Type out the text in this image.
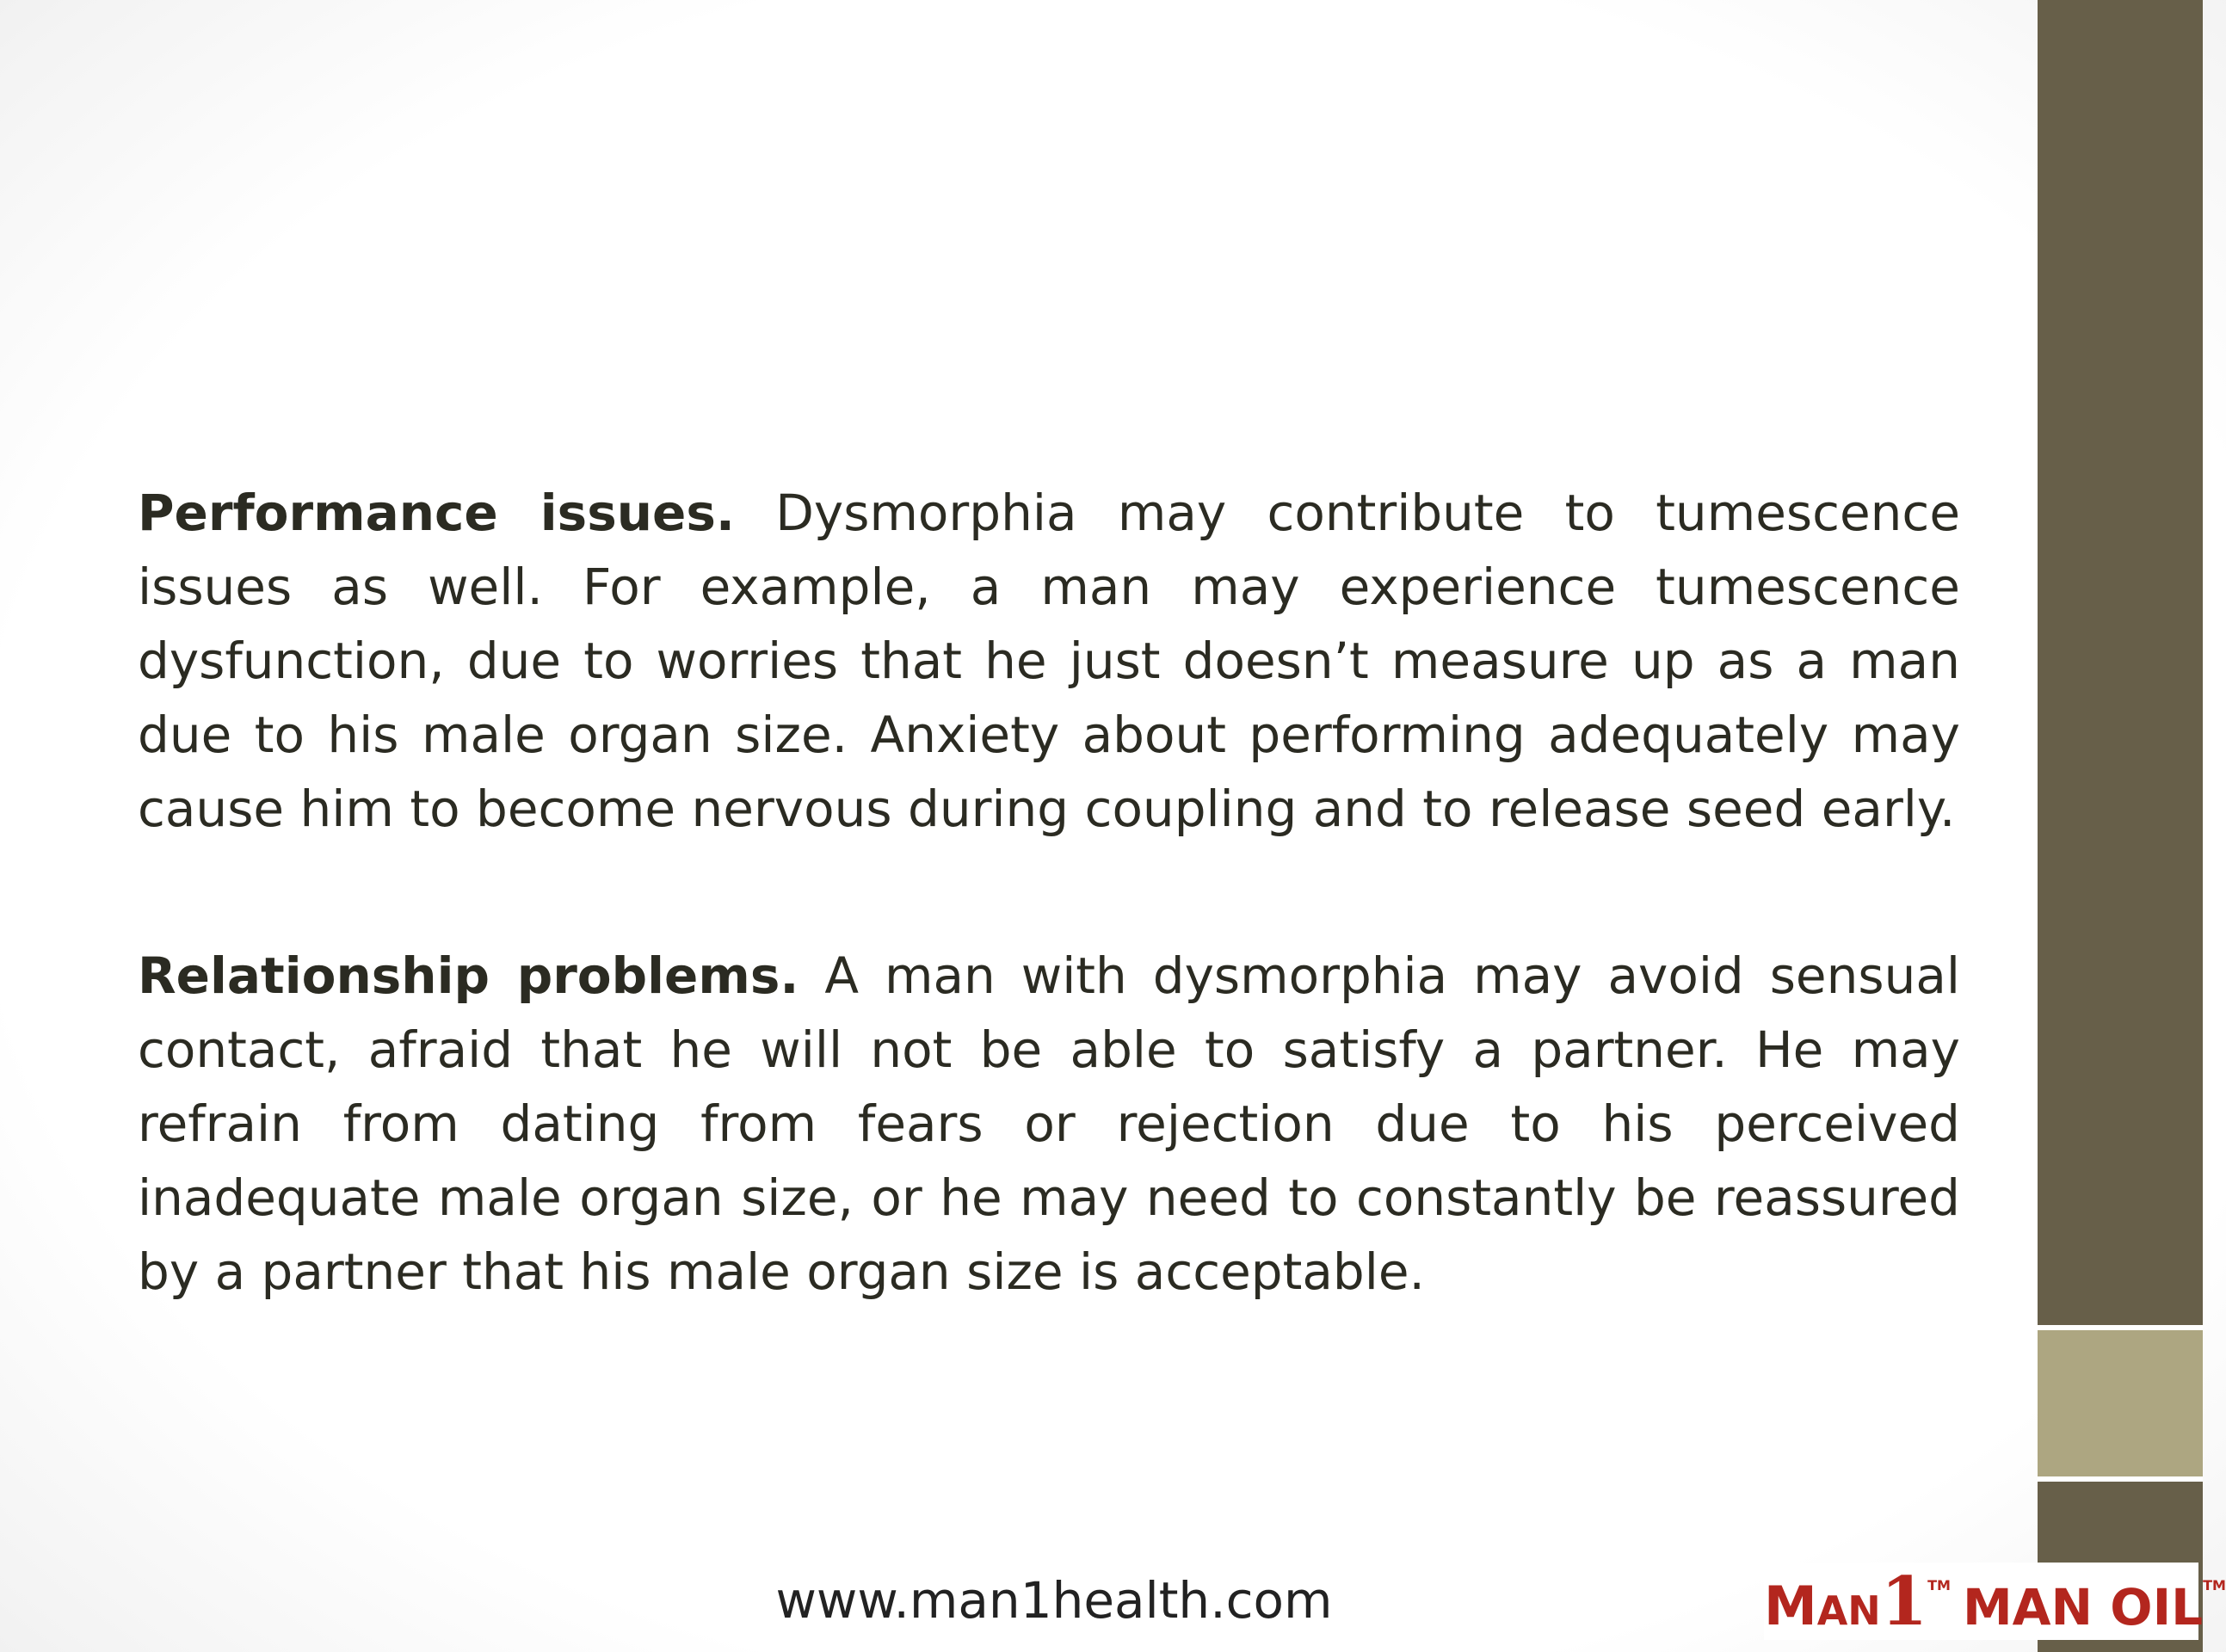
Performance issues. Dysmorphia may contribute to tumescence issues as well. For example, a man may experience tumescence dysfunction, due to worries that he just doesn’t measure up as a man due to his male organ size. Anxiety about performing adequately may cause him to become nervous during coupling and to release seed early.

Relationship problems. A man with dysmorphia may avoid sensual contact, afraid that he will not be able to satisfy a partner. He may refrain from dating from fears or rejection due to his perceived inadequate male organ size, or he may need to constantly be reassured by a partner that his male organ size is acceptable.

www.man1health.com	M AN 1 TM MAN OIL TM
